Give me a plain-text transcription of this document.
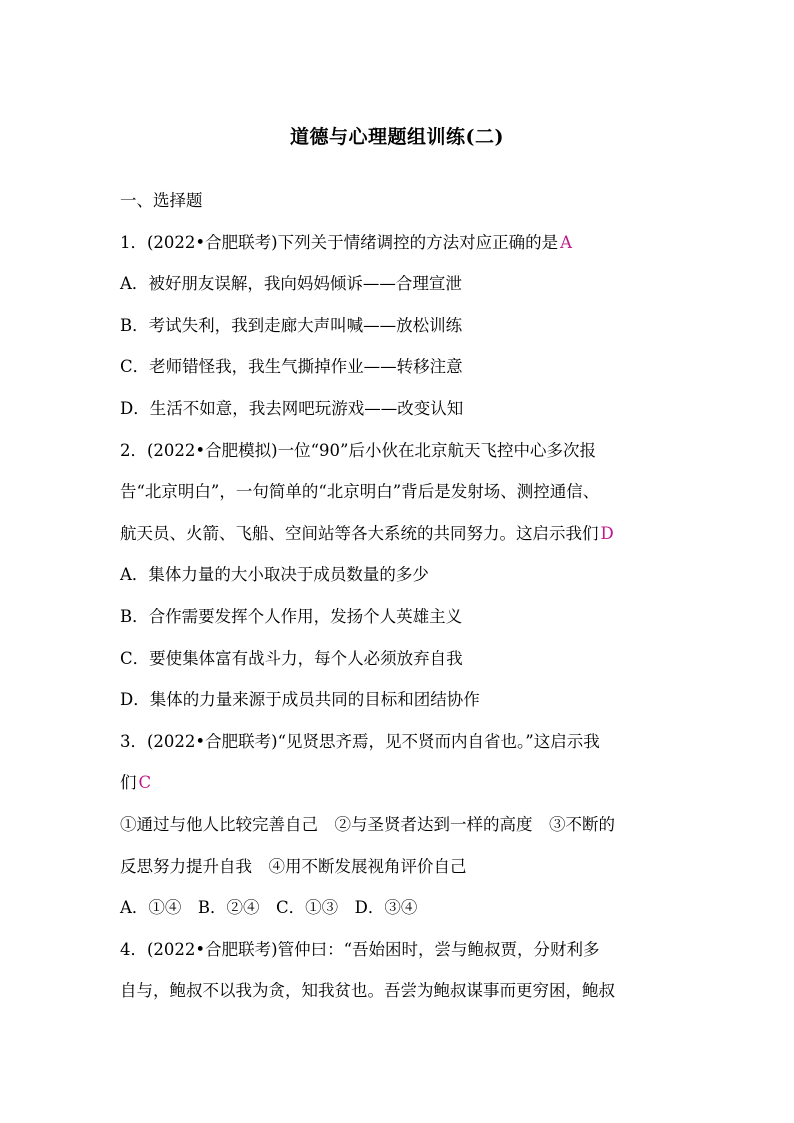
道德与心理题组训练(二)
一、选择题
1．(2022•合肥联考)下列关于情绪调控的方法对应正确的是 A
A．被好朋友误解，我向妈妈倾诉——合理宣泄
B．考试失利，我到走廊大声叫喊——放松训练
C．老师错怪我，我生气撕掉作业——转移注意
D．生活不如意，我去网吧玩游戏——改变认知
2．(2022•合肥模拟)一位“90”后小伙在北京航天飞控中心多次报
告“北京明白”，一句简单的“北京明白”背后是发射场、测控通信、
航天员、火箭、飞船、空间站等各大系统的共同努力。这启示我们 D
A．集体力量的大小取决于成员数量的多少
B．合作需要发挥个人作用，发扬个人英雄主义
C．要使集体富有战斗力，每个人必须放弃自我
D．集体的力量来源于成员共同的目标和团结协作
3．(2022•合肥联考)“见贤思齐焉，见不贤而内自省也。”这启示我
们 C
①通过与他人比较完善自己　②与圣贤者达到一样的高度　③不断的
反思努力提升自我　④用不断发展视角评价自己
A．①④　B．②④　C．①③　D．③④
4．(2022•合肥联考)管仲曰：“吾始困时，尝与鲍叔贾，分财利多
自与，鲍叔不以我为贪，知我贫也。吾尝为鲍叔谋事而更穷困，鲍叔
